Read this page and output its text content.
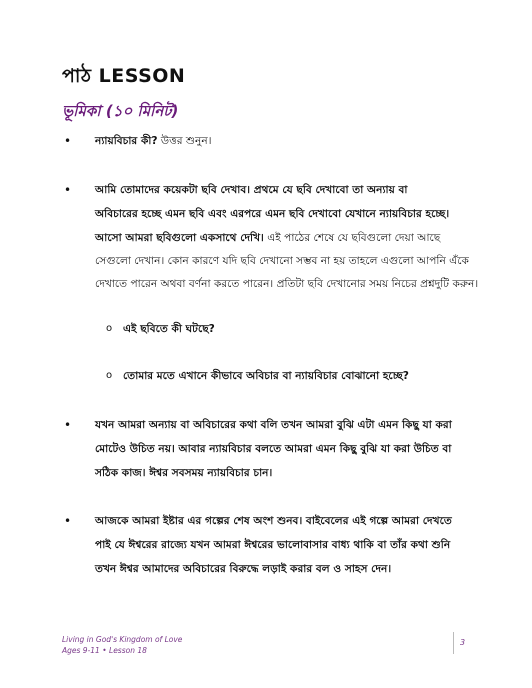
পাঠ LESSON
ভূমিকা (১০ মিনিট)
• ন্যায়বিচার কী? উত্তর শুনুন।
• আমি তোমাদের কয়েকটা ছবি দেখাব। প্রথমে যে ছবি দেখাবো তা অন্যায় বা
অবিচারের হচ্ছে এমন ছবি এবং এরপরে এমন ছবি দেখাবো যেখানে ন্যায়বিচার হচ্ছে।
আসো আমরা ছবিগুলো একসাথে দেখি। এই পাঠের শেষে যে ছবিগুলো দেয়া আছে
সেগুলো দেখান। কোন কারণে যদি ছবি দেখানো সম্ভব না হয় তাহলে এগুলো আপনি এঁকে
দেখাতে পারেন অথবা বর্ণনা করতে পারেন। প্রতিটা ছবি দেখানোর সময় নিচের প্রশ্নদুটি করুন।
o এই ছবিতে কী ঘটছে?
o তোমার মতে এখানে কীভাবে অবিচার বা ন্যায়বিচার বোঝানো হচ্ছে?
• যখন আমরা অন্যায় বা অবিচারের কথা বলি তখন আমরা বুঝি এটা এমন কিছু যা করা
মোটেও উচিত নয়। আবার ন্যায়বিচার বলতে আমরা এমন কিছু বুঝি যা করা উচিত বা
সঠিক কাজ। ঈশ্বর সবসময় ন্যায়বিচার চান।
• আজকে আমরা ইষ্টার এর গল্পের শেষ অংশ শুনব। বাইবেলের এই গল্পে আমরা দেখতে
পাই যে ঈশ্বরের রাজ্যে যখন আমরা ঈশ্বরের ভালোবাসার বাধ্য থাকি বা তাঁর কথা শুনি
তখন ঈশ্বর আমাদের অবিচারের বিরুদ্ধে লড়াই করার বল ও সাহস দেন।
Living in God's Kingdom of Love
Ages 9-11 • Lesson 18
3
